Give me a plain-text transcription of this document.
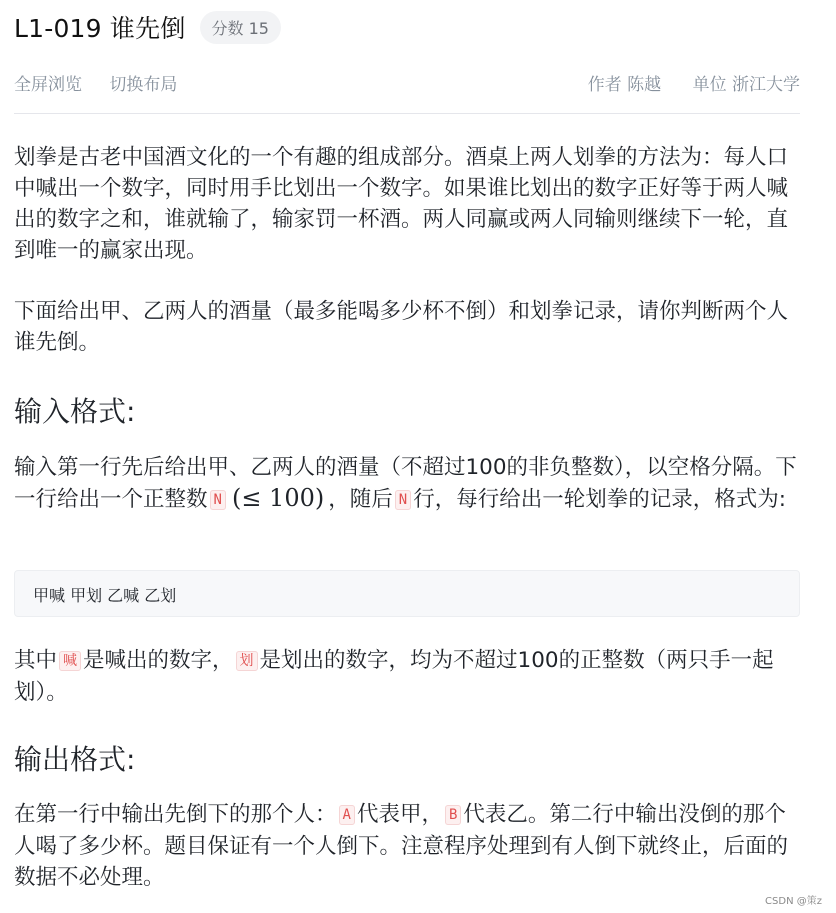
L1-019 谁先倒	分数 15
全屏浏览 切换布局	作者 陈越 单位 浙江大学
划拳是古老中国酒文化的一个有趣的组成部分。酒桌上两人划拳的方法为：每人口中喊出一个数字，同时用手比划出一个数字。如果谁比划出的数字正好等于两人喊出的数字之和，谁就输了，输家罚一杯酒。两人同赢或两人同输则继续下一轮，直到唯一的赢家出现。
下面给出甲、乙两人的酒量（最多能喝多少杯不倒）和划拳记录，请你判断两个人谁先倒。
输入格式:
输入第一行先后给出甲、乙两人的酒量（不超过100的非负整数），以空格分隔。下一行给出一个正整数 N (≤ 100) ，随后 N 行，每行给出一轮划拳的记录，格式为:
甲喊 甲划 乙喊 乙划
其中 喊 是喊出的数字， 划 是划出的数字，均为不超过100的正整数（两只手一起划）。
输出格式:
在第一行中输出先倒下的那个人： A 代表甲， B 代表乙。第二行中输出没倒的那个人喝了多少杯。题目保证有一个人倒下。注意程序处理到有人倒下就终止，后面的数据不必处理。
CSDN @策z
